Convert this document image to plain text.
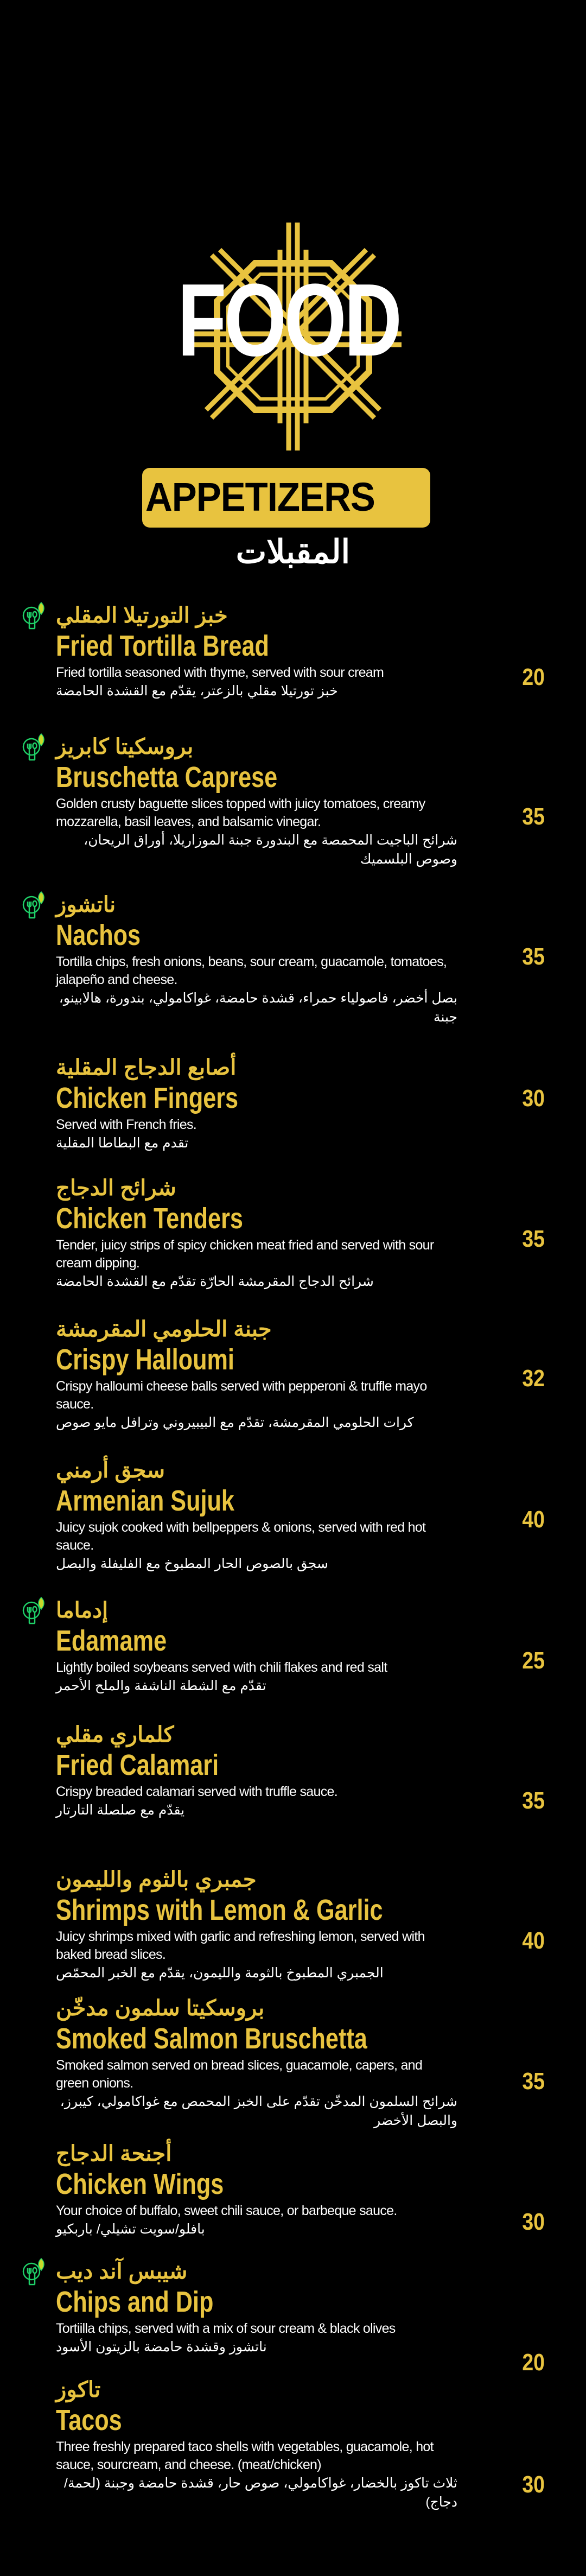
FOOD
APPETIZERS
المقبلات
خبز التورتيلا المقلي
Fried Tortilla Bread
Fried tortilla seasoned with thyme, served with sour cream
خبز تورتيلا مقلي بالزعتر، يقدّم مع القشدة الحامضة
20
بروسكيتا كابريز
Bruschetta Caprese
Golden crusty baguette slices topped with juicy tomatoes, creamy mozzarella, basil leaves, and balsamic vinegar.
شرائح الباجيت المحمصة مع البندورة جبنة الموزاريلا، أوراق الريحان، وصوص البلسميك
35
ناتشوز
Nachos
Tortilla chips, fresh onions, beans, sour cream, guacamole, tomatoes, jalapeño and cheese.
بصل أخضر، فاصولياء حمراء، قشدة حامضة، غواكامولي، بندورة، هالابينو، جبنة
35
أصابع الدجاج المقلية
Chicken Fingers
Served with French fries.
تقدم مع البطاطا المقلية
30
شرائح الدجاج
Chicken Tenders
Tender, juicy strips of spicy chicken meat fried and served with sour cream dipping.
شرائح الدجاج المقرمشة الحارّة تقدّم مع القشدة الحامضة
35
جبنة الحلومي المقرمشة
Crispy Halloumi
Crispy halloumi cheese balls served with pepperoni & truffle mayo sauce.
كرات الحلومي المقرمشة، تقدّم مع البيبيروني وترافل مايو صوص
32
سجق أرمني
Armenian Sujuk
Juicy sujok cooked with bellpeppers & onions, served with red hot sauce.
سجق بالصوص الحار المطبوخ مع الفليفلة والبصل
40
إدماما
Edamame
Lightly boiled soybeans served with chili flakes and red salt
تقدّم مع الشطة الناشفة والملح الأحمر
25
كلماري مقلي
Fried Calamari
Crispy breaded calamari served with truffle sauce.
يقدّم مع صلصلة التارتار	35
جمبري بالثوم والليمون
Shrimps with Lemon & Garlic
Juicy shrimps mixed with garlic and refreshing lemon, served with baked bread slices.
الجمبري المطبوخ بالثومة والليمون، يقدّم مع الخبر المحمّص
40
بروسكيتا سلمون مدخّن
Smoked Salmon Bruschetta
Smoked salmon served on bread slices, guacamole, capers, and green onions.
شرائح السلمون المدخّن تقدّم على الخبز المحمص مع غواكامولي، كيبرز، والبصل الأخضر
35
أجنحة الدجاج
Chicken Wings
Your choice of buffalo, sweet chili sauce, or barbeque sauce.
بافلو/سويت تشيلي/ باربكيو	30
شيبس آند ديب
Chips and Dip
Tortiilla chips, served with a mix of sour cream & black olives
ناتشوز وقشدة حامضة بالزيتون الأسود
20
تاكوز
Tacos
Three freshly prepared taco shells with vegetables, guacamole, hot sauce, sourcream, and cheese. (meat/chicken)
ثلاث تاكوز بالخضار، غواكامولي، صوص حار، قشدة حامضة وجبنة (لحمة/دجاج)
30
